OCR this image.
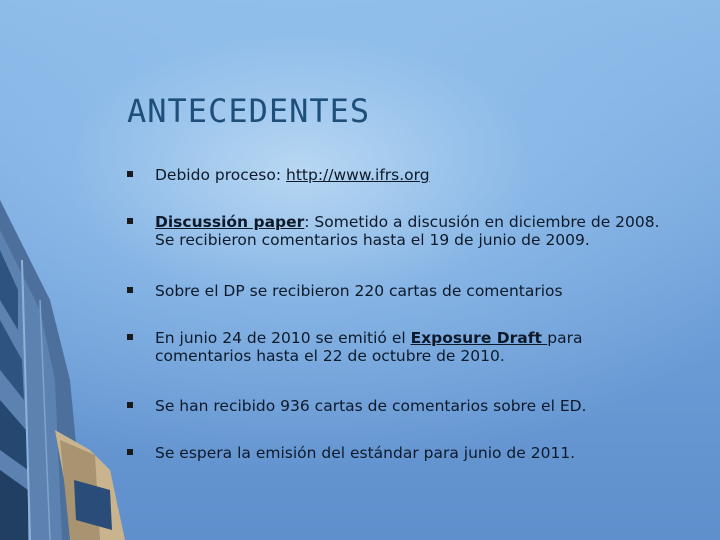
ANTECEDENTES
Debido proceso: http://www.ifrs.org
Discussión paper: Sometido a discusión en diciembre de 2008.
Se recibieron comentarios hasta el 19 de junio de 2009.
Sobre el DP se recibieron 220 cartas de comentarios
En junio 24 de 2010 se emitió el Exposure Draft para
comentarios hasta el 22 de octubre de 2010.
Se han recibido 936 cartas de comentarios sobre el ED.
Se espera la emisión del estándar para junio de 2011.
